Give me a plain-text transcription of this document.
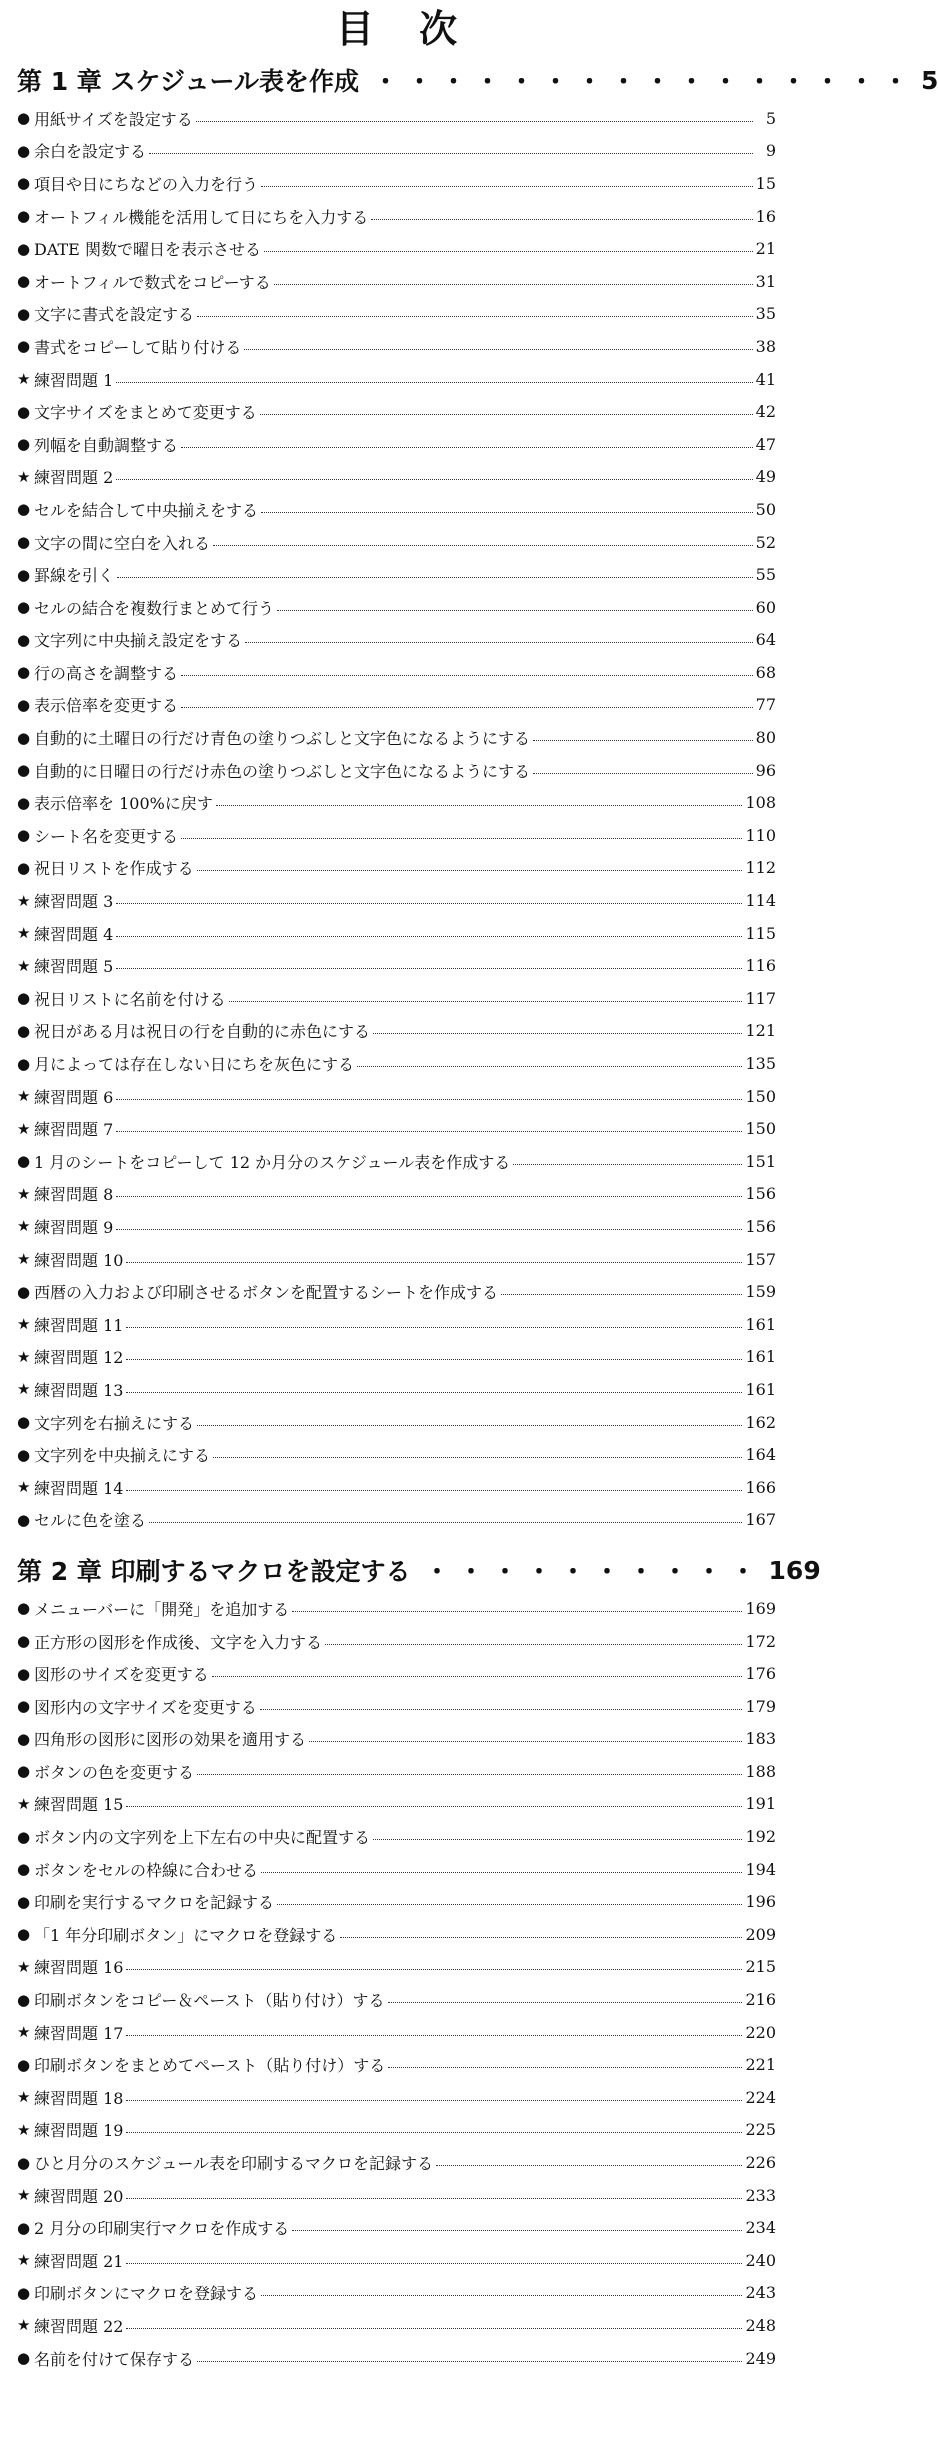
目 次
第 1 章 スケジュール表を作成 ・・・・・・・・・・・・・・・・ 5
● 用紙サイズを設定する	5
● 余白を設定する	9
● 項目や日にちなどの入力を行う	15
● オートフィル機能を活用して日にちを入力する	16
● DATE 関数で曜日を表示させる	21
● オートフィルで数式をコピーする	31
● 文字に書式を設定する	35
● 書式をコピーして貼り付ける	38
★ 練習問題 1	41
● 文字サイズをまとめて変更する	42
● 列幅を自動調整する	47
★ 練習問題 2	49
● セルを結合して中央揃えをする	50
● 文字の間に空白を入れる	52
● 罫線を引く	55
● セルの結合を複数行まとめて行う	60
● 文字列に中央揃え設定をする	64
● 行の高さを調整する	68
● 表示倍率を変更する	77
● 自動的に土曜日の行だけ青色の塗りつぶしと文字色になるようにする	80
● 自動的に日曜日の行だけ赤色の塗りつぶしと文字色になるようにする	96
● 表示倍率を 100%に戻す	108
● シート名を変更する	110
● 祝日リストを作成する	112
★ 練習問題 3	114
★ 練習問題 4	115
★ 練習問題 5	116
● 祝日リストに名前を付ける	117
● 祝日がある月は祝日の行を自動的に赤色にする	121
● 月によっては存在しない日にちを灰色にする	135
★ 練習問題 6	150
★ 練習問題 7	150
● 1 月のシートをコピーして 12 か月分のスケジュール表を作成する	151
★ 練習問題 8	156
★ 練習問題 9	156
★ 練習問題 10	157
● 西暦の入力および印刷させるボタンを配置するシートを作成する	159
★ 練習問題 11	161
★ 練習問題 12	161
★ 練習問題 13	161
● 文字列を右揃えにする	162
● 文字列を中央揃えにする	164
★ 練習問題 14	166
● セルに色を塗る	167
第 2 章 印刷するマクロを設定する ・・・・・・・・・・ 169
● メニューバーに「開発」を追加する	169
● 正方形の図形を作成後、文字を入力する	172
● 図形のサイズを変更する	176
● 図形内の文字サイズを変更する	179
● 四角形の図形に図形の効果を適用する	183
● ボタンの色を変更する	188
★ 練習問題 15	191
● ボタン内の文字列を上下左右の中央に配置する	192
● ボタンをセルの枠線に合わせる	194
● 印刷を実行するマクロを記録する	196
● 「1 年分印刷ボタン」にマクロを登録する	209
★ 練習問題 16	215
● 印刷ボタンをコピー＆ペースト（貼り付け）する	216
★ 練習問題 17	220
● 印刷ボタンをまとめてペースト（貼り付け）する	221
★ 練習問題 18	224
★ 練習問題 19	225
● ひと月分のスケジュール表を印刷するマクロを記録する	226
★ 練習問題 20	233
● 2 月分の印刷実行マクロを作成する	234
★ 練習問題 21	240
● 印刷ボタンにマクロを登録する	243
★ 練習問題 22	248
● 名前を付けて保存する	249
